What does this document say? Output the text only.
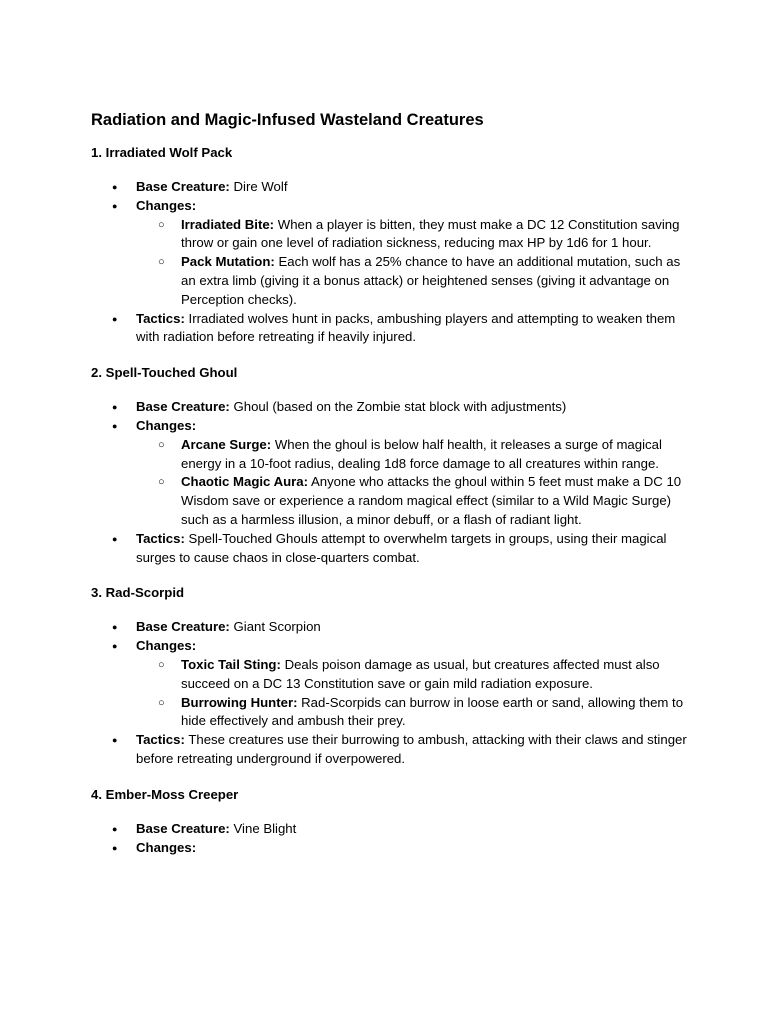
Radiation and Magic-Infused Wasteland Creatures
1. Irradiated Wolf Pack
● Base Creature: Dire Wolf
● Changes:
○ Irradiated Bite: When a player is bitten, they must make a DC 12 Constitution saving throw or gain one level of radiation sickness, reducing max HP by 1d6 for 1 hour.
○ Pack Mutation: Each wolf has a 25% chance to have an additional mutation, such as an extra limb (giving it a bonus attack) or heightened senses (giving it advantage on Perception checks).
● Tactics: Irradiated wolves hunt in packs, ambushing players and attempting to weaken them with radiation before retreating if heavily injured.
2. Spell-Touched Ghoul
● Base Creature: Ghoul (based on the Zombie stat block with adjustments)
● Changes:
○ Arcane Surge: When the ghoul is below half health, it releases a surge of magical energy in a 10-foot radius, dealing 1d8 force damage to all creatures within range.
○ Chaotic Magic Aura: Anyone who attacks the ghoul within 5 feet must make a DC 10 Wisdom save or experience a random magical effect (similar to a Wild Magic Surge) such as a harmless illusion, a minor debuff, or a flash of radiant light.
● Tactics: Spell-Touched Ghouls attempt to overwhelm targets in groups, using their magical surges to cause chaos in close-quarters combat.
3. Rad-Scorpid
● Base Creature: Giant Scorpion
● Changes:
○ Toxic Tail Sting: Deals poison damage as usual, but creatures affected must also succeed on a DC 13 Constitution save or gain mild radiation exposure.
○ Burrowing Hunter: Rad-Scorpids can burrow in loose earth or sand, allowing them to hide effectively and ambush their prey.
● Tactics: These creatures use their burrowing to ambush, attacking with their claws and stinger before retreating underground if overpowered.
4. Ember-Moss Creeper
● Base Creature: Vine Blight
● Changes:
